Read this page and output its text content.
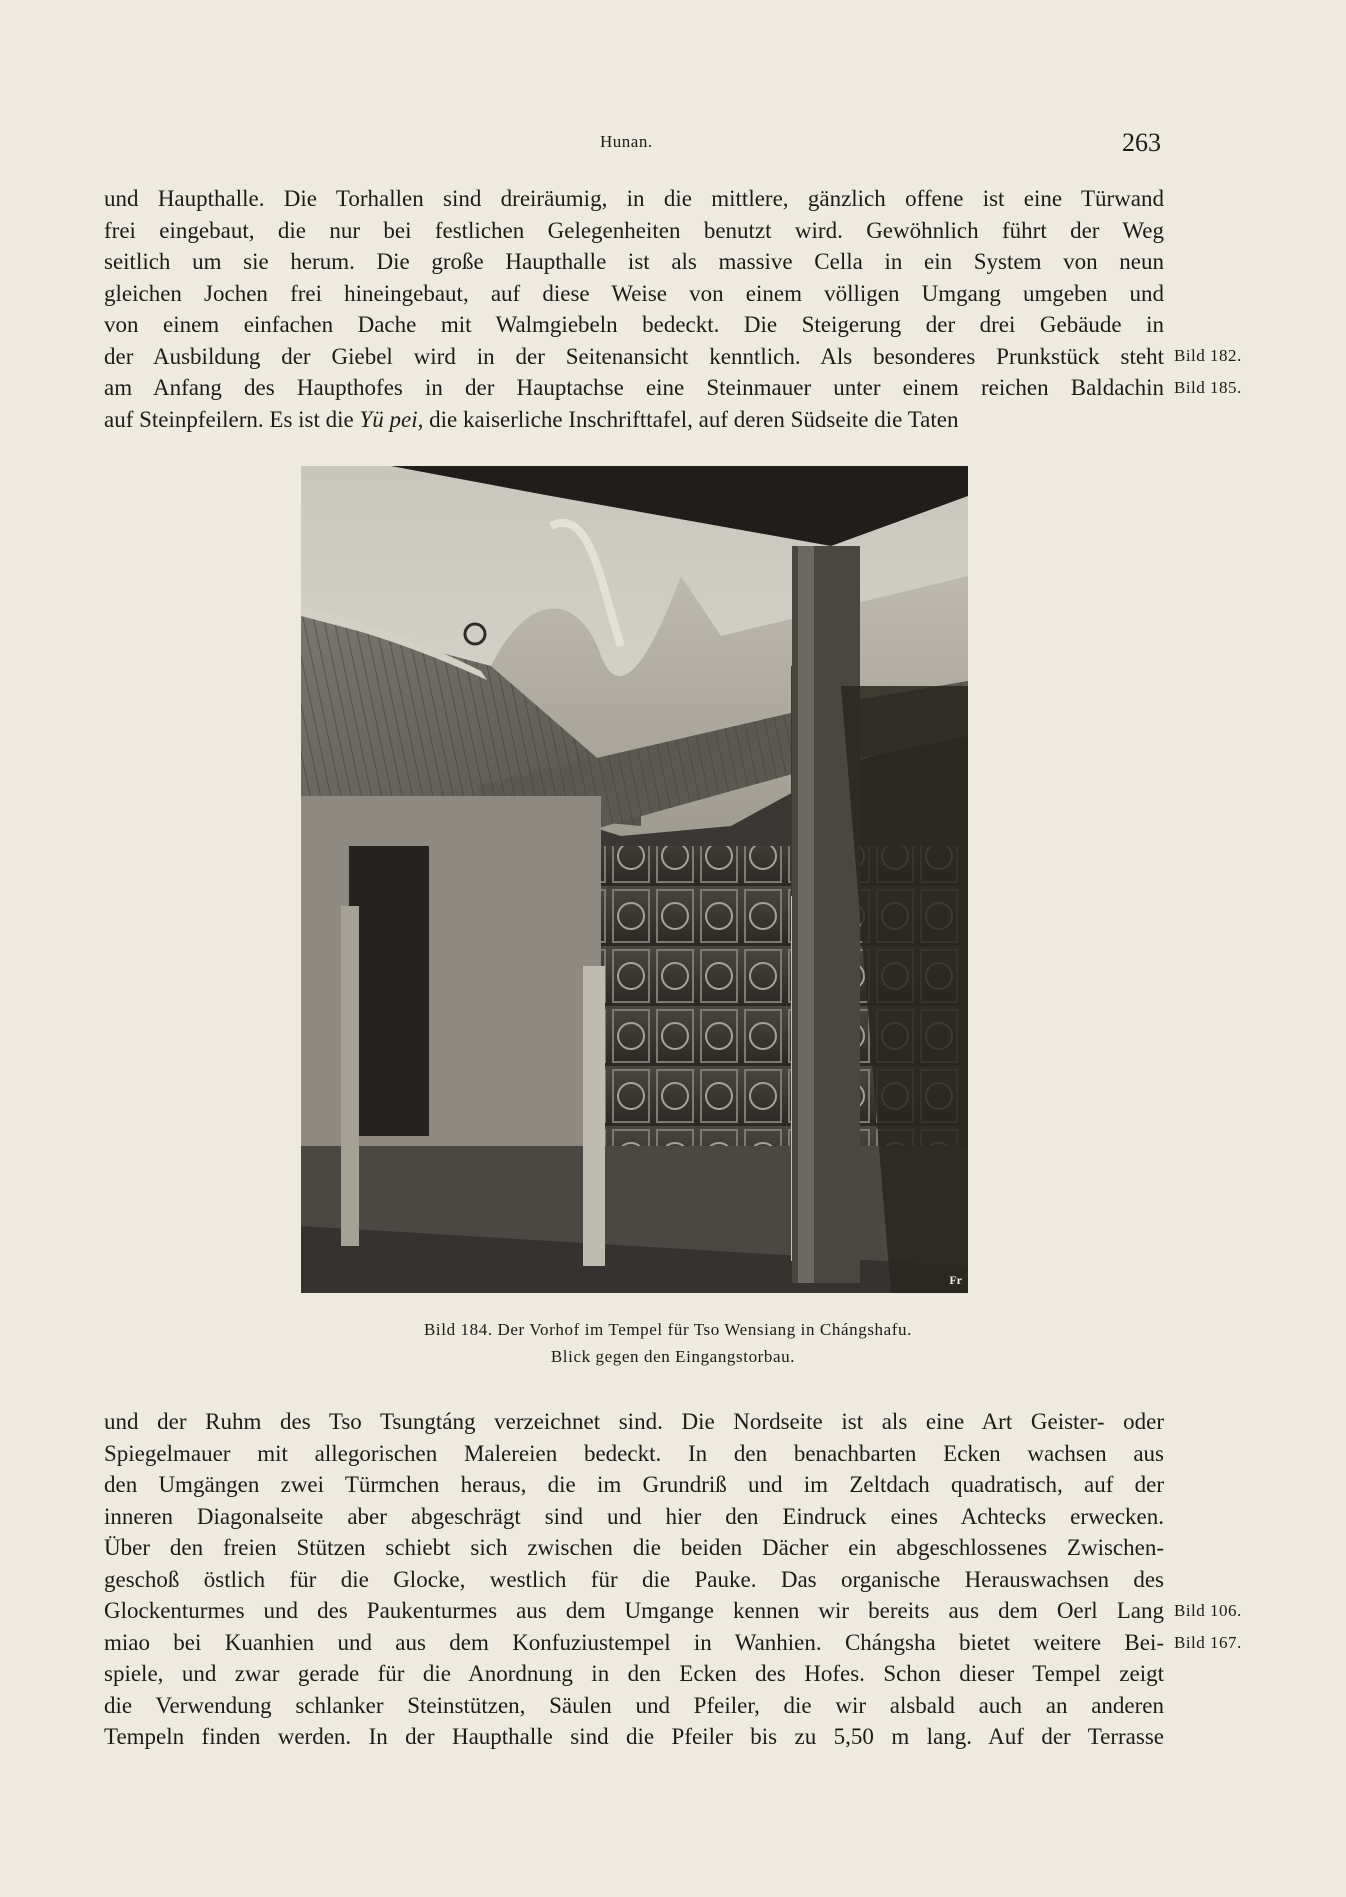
Hunan.	263
und Haupthalle. Die Torhallen sind dreiräumig, in die mittlere, gänzlich offene ist eine Türwand
frei eingebaut, die nur bei festlichen Gelegenheiten benutzt wird. Gewöhnlich führt der Weg
seitlich um sie herum. Die große Haupthalle ist als massive Cella in ein System von neun
gleichen Jochen frei hineingebaut, auf diese Weise von einem völligen Umgang umgeben und
von einem einfachen Dache mit Walmgiebeln bedeckt. Die Steigerung der drei Gebäude in
der Ausbildung der Giebel wird in der Seitenansicht kenntlich. Als besonderes Prunkstück steht
am Anfang des Haupthofes in der Hauptachse eine Steinmauer unter einem reichen Baldachin
auf Steinpfeilern. Es ist die Yü pei, die kaiserliche Inschrifttafel, auf deren Südseite die Taten
Bild 182.
Bild 185.
Fr
Bild 184. Der Vorhof im Tempel für Tso Wensiang in Chángshafu.
Blick gegen den Eingangstorbau.
und der Ruhm des Tso Tsungtáng verzeichnet sind. Die Nordseite ist als eine Art Geister- oder
Spiegelmauer mit allegorischen Malereien bedeckt. In den benachbarten Ecken wachsen aus
den Umgängen zwei Türmchen heraus, die im Grundriß und im Zeltdach quadratisch, auf der
inneren Diagonalseite aber abgeschrägt sind und hier den Eindruck eines Achtecks erwecken.
Über den freien Stützen schiebt sich zwischen die beiden Dächer ein abgeschlossenes Zwischen-
geschoß östlich für die Glocke, westlich für die Pauke. Das organische Herauswachsen des
Glockenturmes und des Paukenturmes aus dem Umgange kennen wir bereits aus dem Oerl Lang
miao bei Kuanhien und aus dem Konfuziustempel in Wanhien. Chángsha bietet weitere Bei-
spiele, und zwar gerade für die Anordnung in den Ecken des Hofes. Schon dieser Tempel zeigt
die Verwendung schlanker Steinstützen, Säulen und Pfeiler, die wir alsbald auch an anderen
Tempeln finden werden. In der Haupthalle sind die Pfeiler bis zu 5,50 m lang. Auf der Terrasse
Bild 106.
Bild 167.
